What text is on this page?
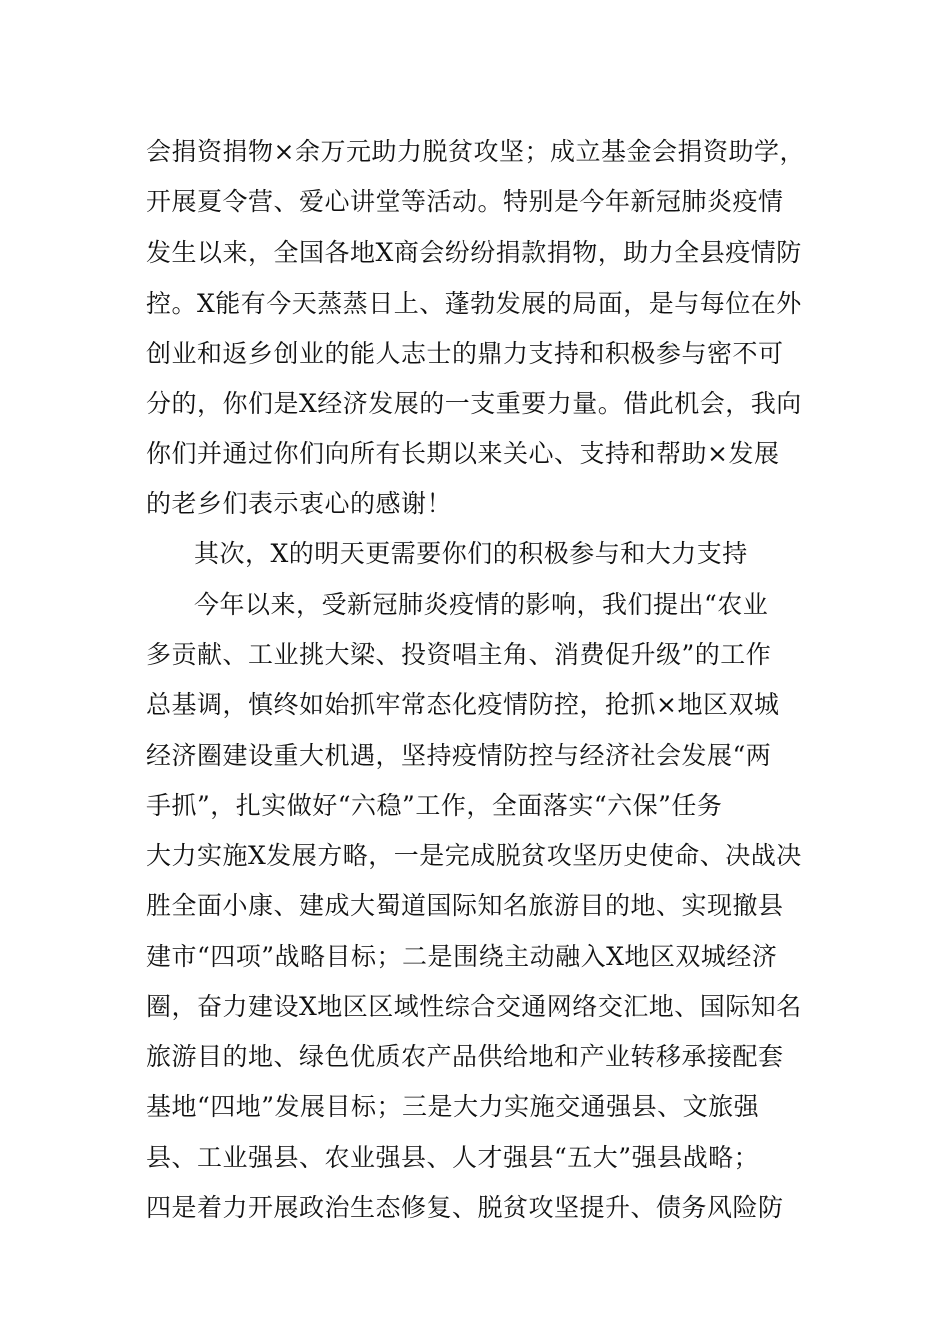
会捐资捐物×余万元助力脱贫攻坚；成立基金会捐资助学，
开展夏令营、爱心讲堂等活动。特别是今年新冠肺炎疫情
发生以来，全国各地X商会纷纷捐款捐物，助力全县疫情防
控。X能有今天蒸蒸日上、蓬勃发展的局面，是与每位在外
创业和返乡创业的能人志士的鼎力支持和积极参与密不可
分的，你们是X经济发展的一支重要力量。借此机会，我向
你们并通过你们向所有长期以来关心、支持和帮助×发展
的老乡们表示衷心的感谢！
其次，X的明天更需要你们的积极参与和大力支持
今年以来，受新冠肺炎疫情的影响，我们提出“农业
多贡献、工业挑大梁、投资唱主角、消费促升级”的工作
总基调，慎终如始抓牢常态化疫情防控，抢抓×地区双城
经济圈建设重大机遇，坚持疫情防控与经济社会发展“两
手抓”，扎实做好“六稳”工作，全面落实“六保”任务
大力实施X发展方略，一是完成脱贫攻坚历史使命、决战决
胜全面小康、建成大蜀道国际知名旅游目的地、实现撤县
建市“四项”战略目标；二是围绕主动融入X地区双城经济
圈，奋力建设X地区区域性综合交通网络交汇地、国际知名
旅游目的地、绿色优质农产品供给地和产业转移承接配套
基地“四地”发展目标；三是大力实施交通强县、文旅强
县、工业强县、农业强县、人才强县“五大”强县战略；
四是着力开展政治生态修复、脱贫攻坚提升、债务风险防
